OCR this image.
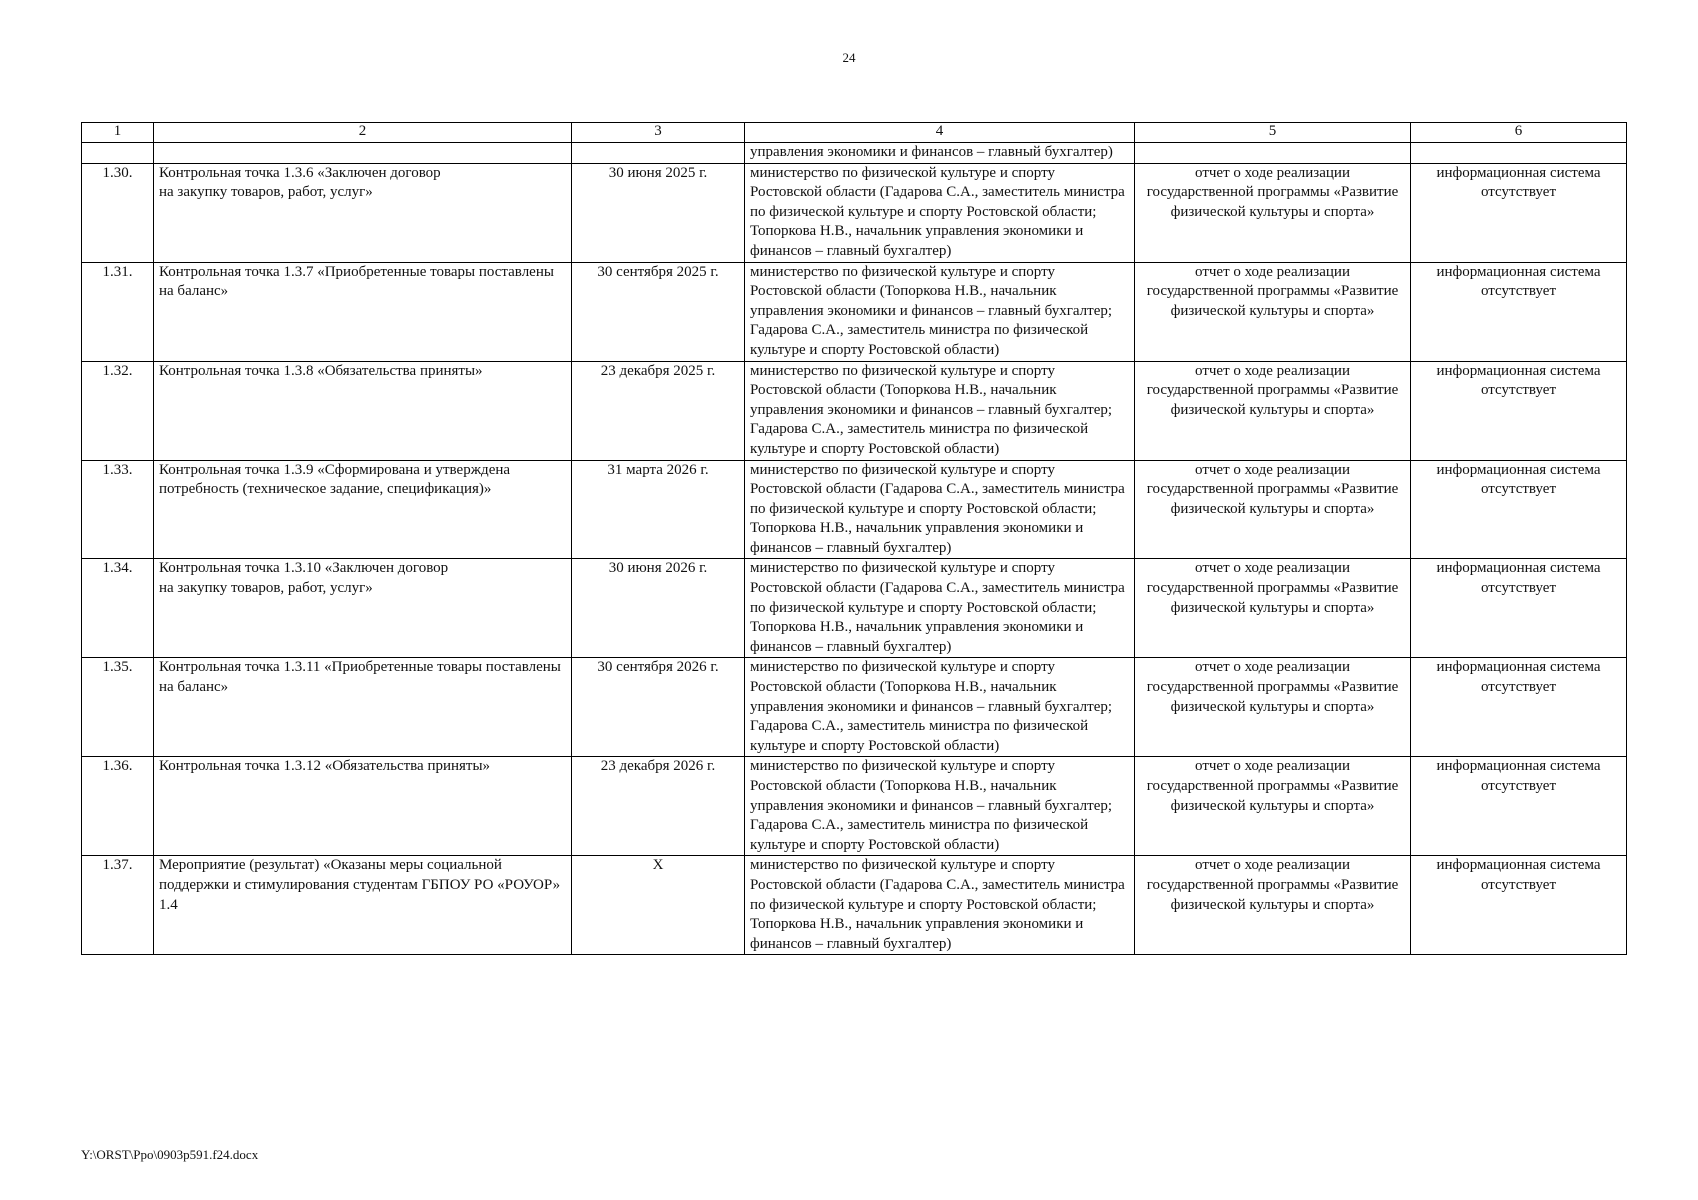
24
1	2	3	4	5	6
			управления экономики и финансов – главный бухгалтер)		
1.30.	Контрольная точка 1.3.6 «Заключен договор
на закупку товаров, работ, услуг»	30 июня 2025 г.	министерство по физической культуре и спорту Ростовской области (Гадарова С.А., заместитель министра по физической культуре и спорту Ростовской области; Топоркова Н.В., начальник управления экономики и финансов – главный бухгалтер)	отчет о ходе реализации государственной программы «Развитие физической культуры и спорта»	информационная система отсутствует
1.31.	Контрольная точка 1.3.7 «Приобретенные товары поставлены на баланс»	30 сентября 2025 г.	министерство по физической культуре и спорту Ростовской области (Топоркова Н.В., начальник управления экономики и финансов – главный бухгалтер; Гадарова С.А., заместитель министра по физической культуре и спорту Ростовской области)	отчет о ходе реализации государственной программы «Развитие физической культуры и спорта»	информационная система отсутствует
1.32.	Контрольная точка 1.3.8 «Обязательства приняты»	23 декабря 2025 г.	министерство по физической культуре и спорту Ростовской области (Топоркова Н.В., начальник управления экономики и финансов – главный бухгалтер; Гадарова С.А., заместитель министра по физической культуре и спорту Ростовской области)	отчет о ходе реализации государственной программы «Развитие физической культуры и спорта»	информационная система отсутствует
1.33.	Контрольная точка 1.3.9 «Сформирована и утверждена потребность (техническое задание, спецификация)»	31 марта 2026 г.	министерство по физической культуре и спорту Ростовской области (Гадарова С.А., заместитель министра по физической культуре и спорту Ростовской области; Топоркова Н.В., начальник управления экономики и финансов – главный бухгалтер)	отчет о ходе реализации государственной программы «Развитие физической культуры и спорта»	информационная система отсутствует
1.34.	Контрольная точка 1.3.10 «Заключен договор
на закупку товаров, работ, услуг»	30 июня 2026 г.	министерство по физической культуре и спорту Ростовской области (Гадарова С.А., заместитель министра по физической культуре и спорту Ростовской области; Топоркова Н.В., начальник управления экономики и финансов – главный бухгалтер)	отчет о ходе реализации государственной программы «Развитие физической культуры и спорта»	информационная система отсутствует
1.35.	Контрольная точка 1.3.11 «Приобретенные товары поставлены на баланс»	30 сентября 2026 г.	министерство по физической культуре и спорту Ростовской области (Топоркова Н.В., начальник управления экономики и финансов – главный бухгалтер; Гадарова С.А., заместитель министра по физической культуре и спорту Ростовской области)	отчет о ходе реализации государственной программы «Развитие физической культуры и спорта»	информационная система отсутствует
1.36.	Контрольная точка 1.3.12 «Обязательства приняты»	23 декабря 2026 г.	министерство по физической культуре и спорту Ростовской области (Топоркова Н.В., начальник управления экономики и финансов – главный бухгалтер; Гадарова С.А., заместитель министра по физической культуре и спорту Ростовской области)	отчет о ходе реализации государственной программы «Развитие физической культуры и спорта»	информационная система отсутствует
1.37.	Мероприятие (результат) «Оказаны меры социальной поддержки и стимулирования студентам ГБПОУ РО «РОУОР» 1.4	Х	министерство по физической культуре и спорту Ростовской области (Гадарова С.А., заместитель министра по физической культуре и спорту Ростовской области; Топоркова Н.В., начальник управления экономики и финансов – главный бухгалтер)	отчет о ходе реализации государственной программы «Развитие физической культуры и спорта»	информационная система отсутствует
Y:\ORST\Ppo\0903p591.f24.docx
